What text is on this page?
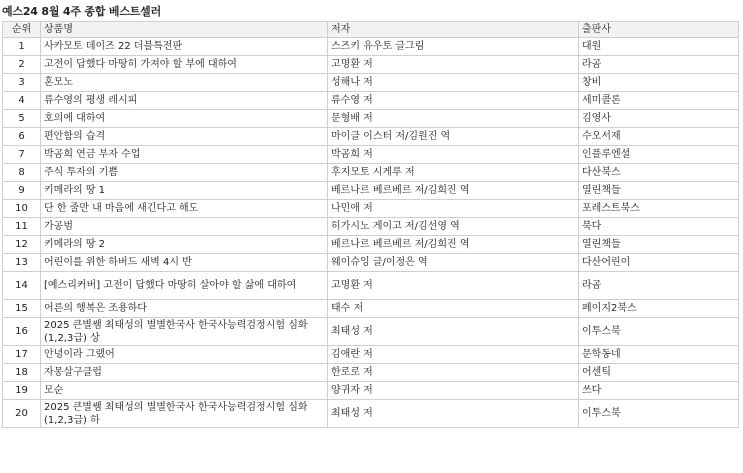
예스24 8월 4주 종합 베스트셀러
순위	상품명	저자	출판사
1	사카모토 데이즈 22 더블특전판	스즈키 유우토 글그림	대원
2	고전이 답했다 마땅히 가져야 할 부에 대하여	고명환 저	라곰
3	혼모노	성해나 저	창비
4	류수영의 평생 레시피	류수영 저	세미콜론
5	호의에 대하여	문형배 저	김영사
6	편안함의 습격	마이클 이스터 저/김원진 역	수오서재
7	박곰희 연금 부자 수업	박곰희 저	인플루엔셜
8	주식 투자의 기쁨	후지모토 시게루 저	다산북스
9	키메라의 땅 1	베르나르 베르베르 저/김희진 역	열린책들
10	단 한 줄만 내 마음에 새긴다고 해도	나민애 저	포레스트북스
11	가공범	히가시노 게이고 저/김선영 역	북다
12	키메라의 땅 2	베르나르 베르베르 저/김희진 역	열린책들
13	어린이를 위한 하버드 새벽 4시 반	웨이슈잉 글/이정은 역	다산어린이
14	[예스리커버] 고전이 답했다 마땅히 살아야 할 삶에 대하여	고명환 저	라곰
15	어른의 행복은 조용하다	태수 저	페이지2북스
16	2025 큰별쌤 최태성의 별별한국사 한국사능력검정시험 심화(1,2,3급) 상	최태성 저	이투스북
17	안녕이라 그랬어	김애란 저	문학동네
18	자몽살구클럽	한로로 저	어센틱
19	모순	양귀자 저	쓰다
20	2025 큰별쌤 최태성의 별별한국사 한국사능력검정시험 심화(1,2,3급) 하	최태성 저	이투스북
